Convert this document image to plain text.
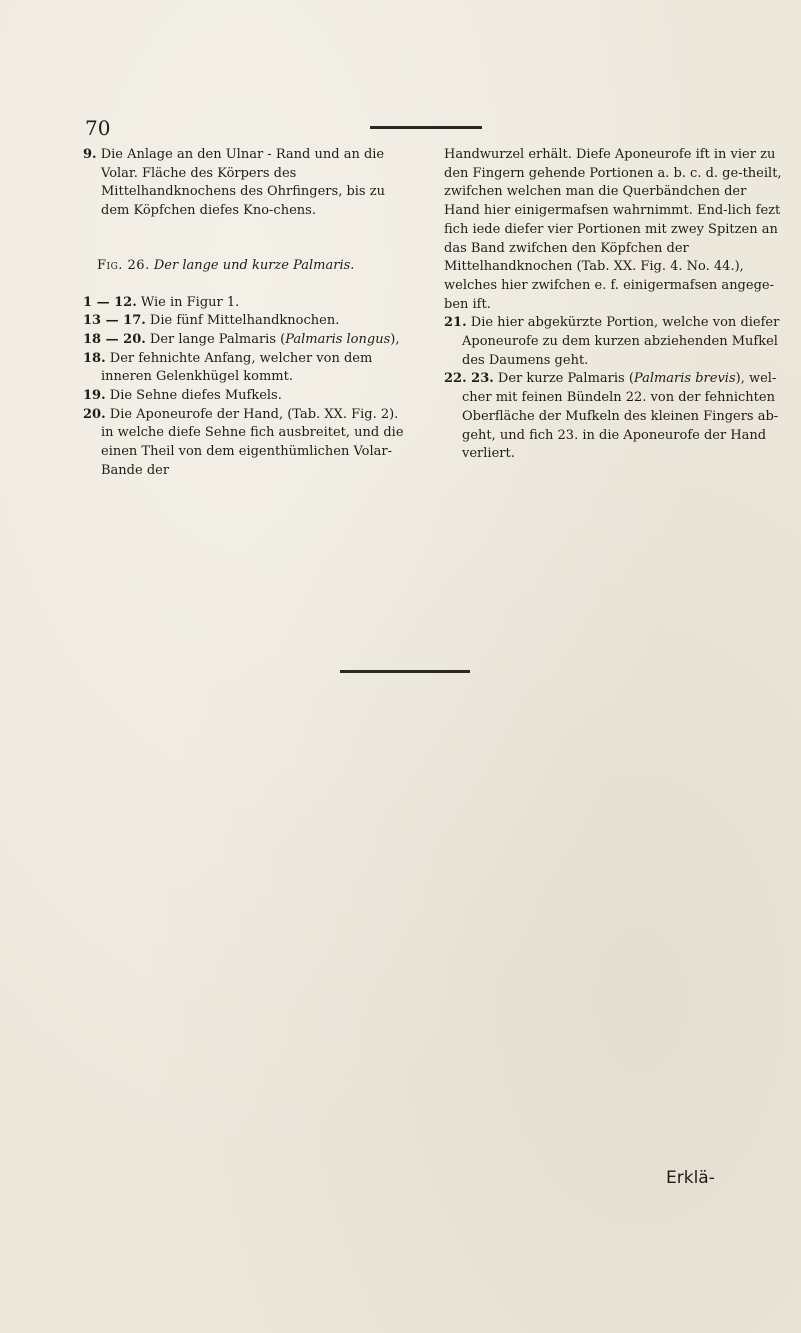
70

9. Die Anlage an den Ulnar - Rand und an die Volar. Fläche des Körpers des Mittelhandknochens des Ohrfingers, bis zu dem Köpfchen diefes Kno-chens.

Fig. 26. Der lange und kurze Palmaris.

1 — 12. Wie in Figur 1.

13 — 17. Die fünf Mittelhandknochen.

18 — 20. Der lange Palmaris (Palmaris longus),

18. Der fehnichte Anfang, welcher von dem inneren Gelenkhügel kommt.

19. Die Sehne diefes Mufkels.

20. Die Aponeurofe der Hand, (Tab. XX. Fig. 2). in welche diefe Sehne fich ausbreitet, und die einen Theil von dem eigenthümlichen Volar-Bande der

Handwurzel erhält. Diefe Aponeurofe ift in vier zu den Fingern gehende Portionen a. b. c. d. ge-theilt, zwifchen welchen man die Querbändchen der Hand hier einigermafsen wahrnimmt. End-lich fezt fich iede diefer vier Portionen mit zwey Spitzen an das Band zwifchen den Köpfchen der Mittelhandknochen (Tab. XX. Fig. 4. No. 44.), welches hier zwifchen e. f. einigermafsen angege-ben ift.

21. Die hier abgekürzte Portion, welche von diefer Aponeurofe zu dem kurzen abziehenden Mufkel des Daumens geht.

22. 23. Der kurze Palmaris (Palmaris brevis), wel-cher mit feinen Bündeln 22. von der fehnichten Oberfläche der Mufkeln des kleinen Fingers ab-geht, und fich 23. in die Aponeurofe der Hand verliert.

Erklä-
